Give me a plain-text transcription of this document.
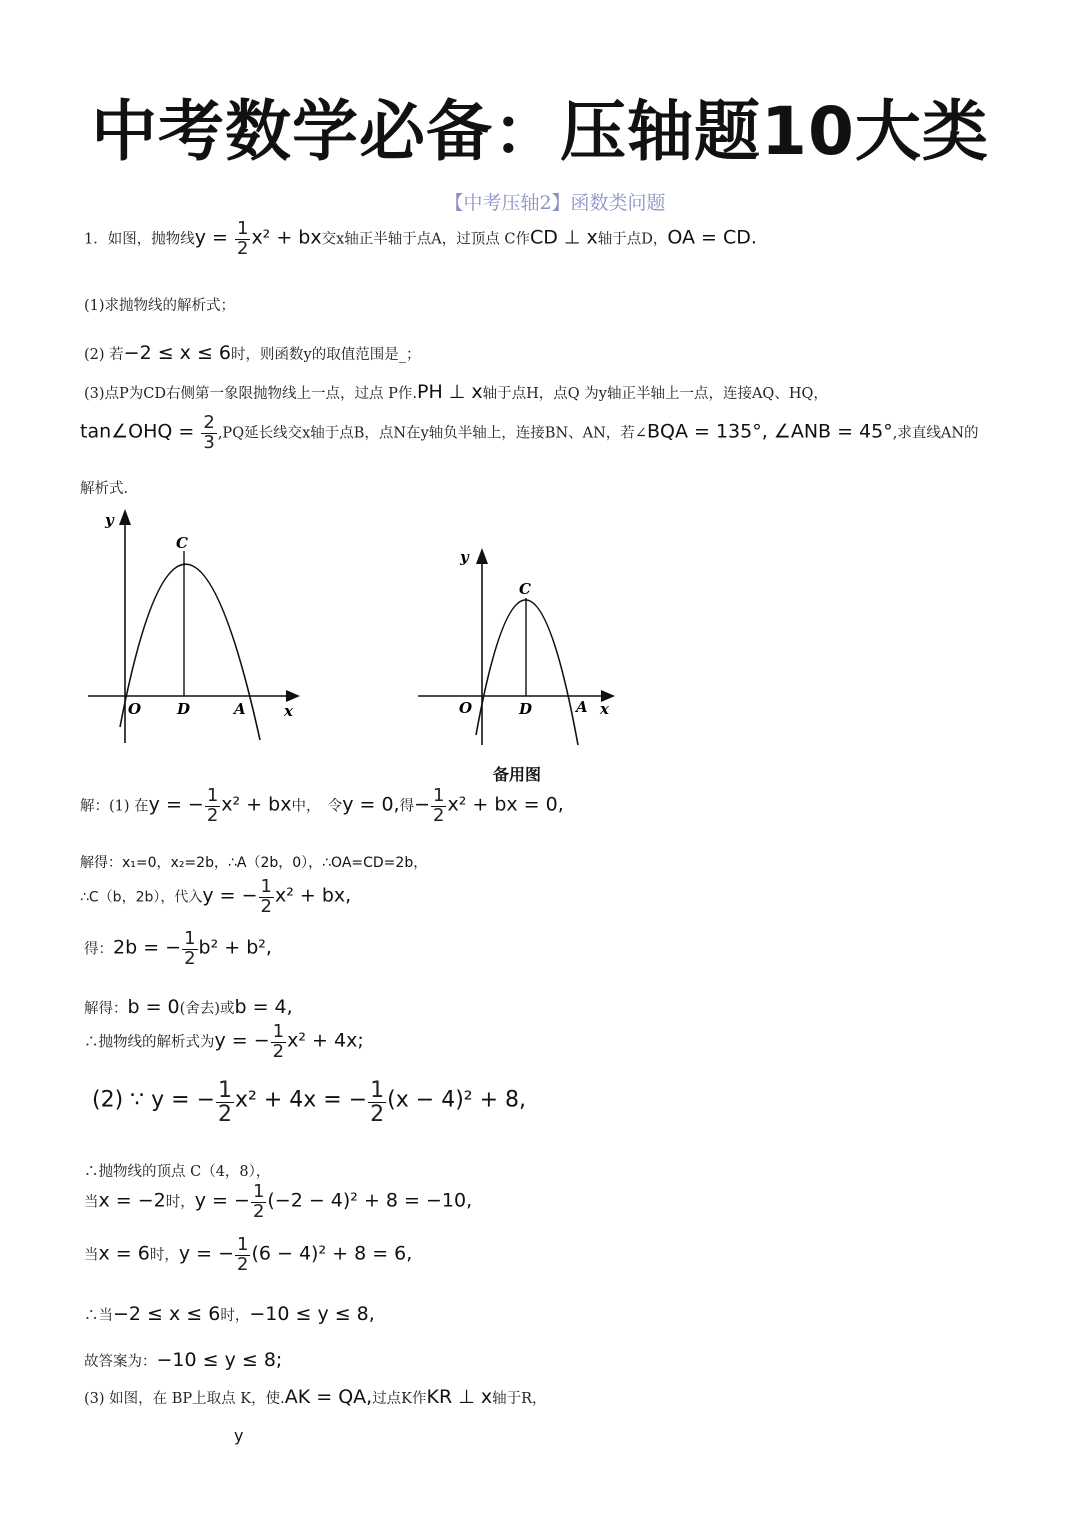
中考数学必备：压轴题10大类
【中考压轴2】函数类问题
1．如图，抛物线$y = \frac{1}{2} x^2$ + bx交x轴正半轴于点A，过顶点 C作CD ⊥ x轴于点D，OA = CD.
(1)求抛物线的解析式；
(2) 若−2 ≤ x ≤ 6时，则函数y的取值范围是_；
(3)点P为CD右侧第一象限抛物线上一点，过点 P作.PH ⊥ x轴于点H，点Q 为y轴正半轴上一点，连接AQ、HQ，
tan∠OHQ = $\frac{2}{3} ,PQ$延长线交x轴于点B，点N在y轴负半轴上，连接BN、AN，若∠BQA = 135°, ∠ANB = 45°,求直线AN的
解析式.
y
C
O D	A	x
y
C
O	D	A x
备用图
解：(1) 在y = − $\frac{1}{2} x^2$ + bx中，　令y = 0,得− $\frac{1}{2} x^2$ + bx = 0,
解得：x₁=0，x₂=2b，∴A（2b，0），∴OA=CD=2b，
∴C（b，2b），代入y = − $\frac{1}{2} x^2$ + bx,
得：2b = − $\frac{1}{2} b^2 + b^2$,
解得：b = 0(舍去)或b = 4,
∴抛物线的解析式为y = − $\frac{1}{2} x^2 + 4x$;
(2) ∵ y = − $\frac{1}{2} x^2 + 4x$ = − $\frac{1}{2} (x - 4)^2 + 8$,
∴抛物线的顶点 C（4，8），
当x = −2时，y = − $\frac{1}{2} (-2 - 4)^2 + 8 = -10$,
当x = 6时，y = − $\frac{1}{2} (6 - 4)^2 + 8 = 6$,
∴当−2 ≤ x ≤ 6时，−10 ≤ y ≤ 8,
故答案为：−10 ≤ y ≤ 8;
(3) 如图，在 BP上取点 K，使.AK = QA,过点K作KR ⊥ x轴于R，
y
